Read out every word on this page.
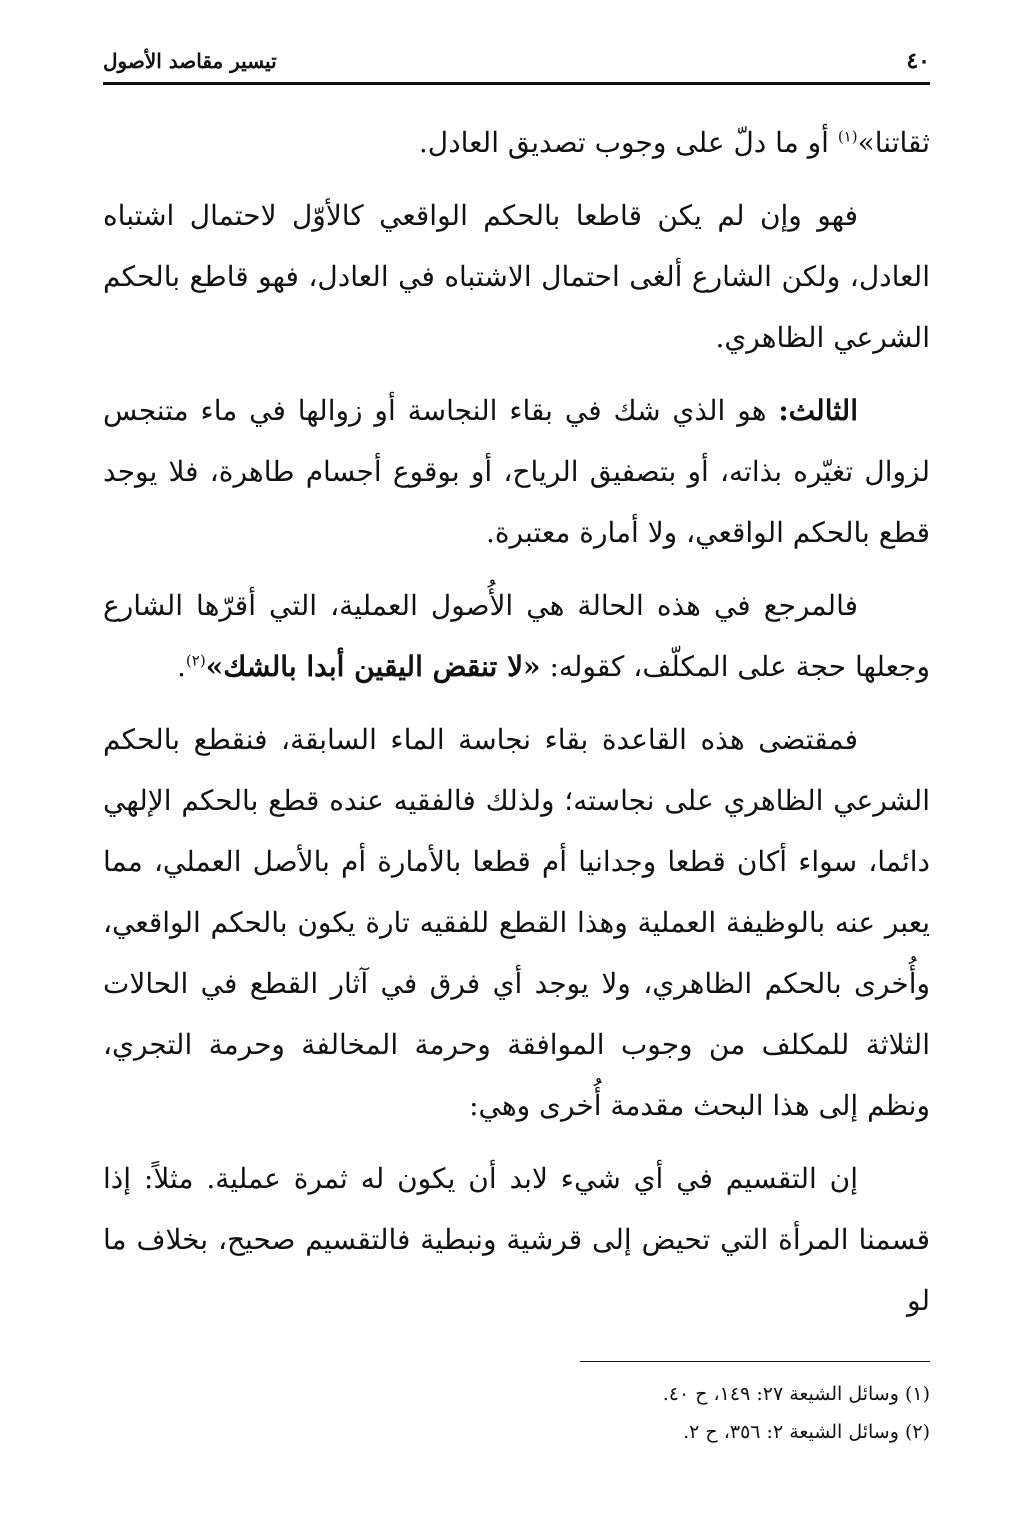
٤٠
تيسير مقاصد الأصول

ثقاتنا»$^{(١)}$ أو ما دلّ على وجوب تصديق العادل.

فهو وإن لم يكن قاطعا بالحكم الواقعي كالأوّل لاحتمال اشتباه العادل، ولكن الشارع ألغى احتمال الاشتباه في العادل، فهو قاطع بالحكم الشرعي الظاهري.

الثالث: هو الذي شك في بقاء النجاسة أو زوالها في ماء متنجس لزوال تغيّره بذاته، أو بتصفيق الرياح، أو بوقوع أجسام طاهرة، فلا يوجد قطع بالحكم الواقعي، ولا أمارة معتبرة.

فالمرجع في هذه الحالة هي الأُصول العملية، التي أقرّها الشارع وجعلها حجة على المكلّف، كقوله: «لا تنقض اليقين أبدا بالشك»$^{(٢)}$.

فمقتضى هذه القاعدة بقاء نجاسة الماء السابقة، فنقطع بالحكم الشرعي الظاهري على نجاسته؛ ولذلك فالفقيه عنده قطع بالحكم الإلهي دائما، سواء أكان قطعا وجدانيا أم قطعا بالأمارة أم بالأصل العملي، مما يعبر عنه بالوظيفة العملية وهذا القطع للفقيه تارة يكون بالحكم الواقعي، وأُخرى بالحكم الظاهري، ولا يوجد أي فرق في آثار القطع في الحالات الثلاثة للمكلف من وجوب الموافقة وحرمة المخالفة وحرمة التجري، ونظم إلى هذا البحث مقدمة أُخرى وهي:

إن التقسيم في أي شيء لابد أن يكون له ثمرة عملية. مثلاً: إذا قسمنا المرأة التي تحيض إلى قرشية ونبطية فالتقسيم صحيح، بخلاف ما لو

(١) وسائل الشيعة ٢٧: ١٤٩، ح ٤٠.

(٢) وسائل الشيعة ٢: ٣٥٦، ح ٢.
